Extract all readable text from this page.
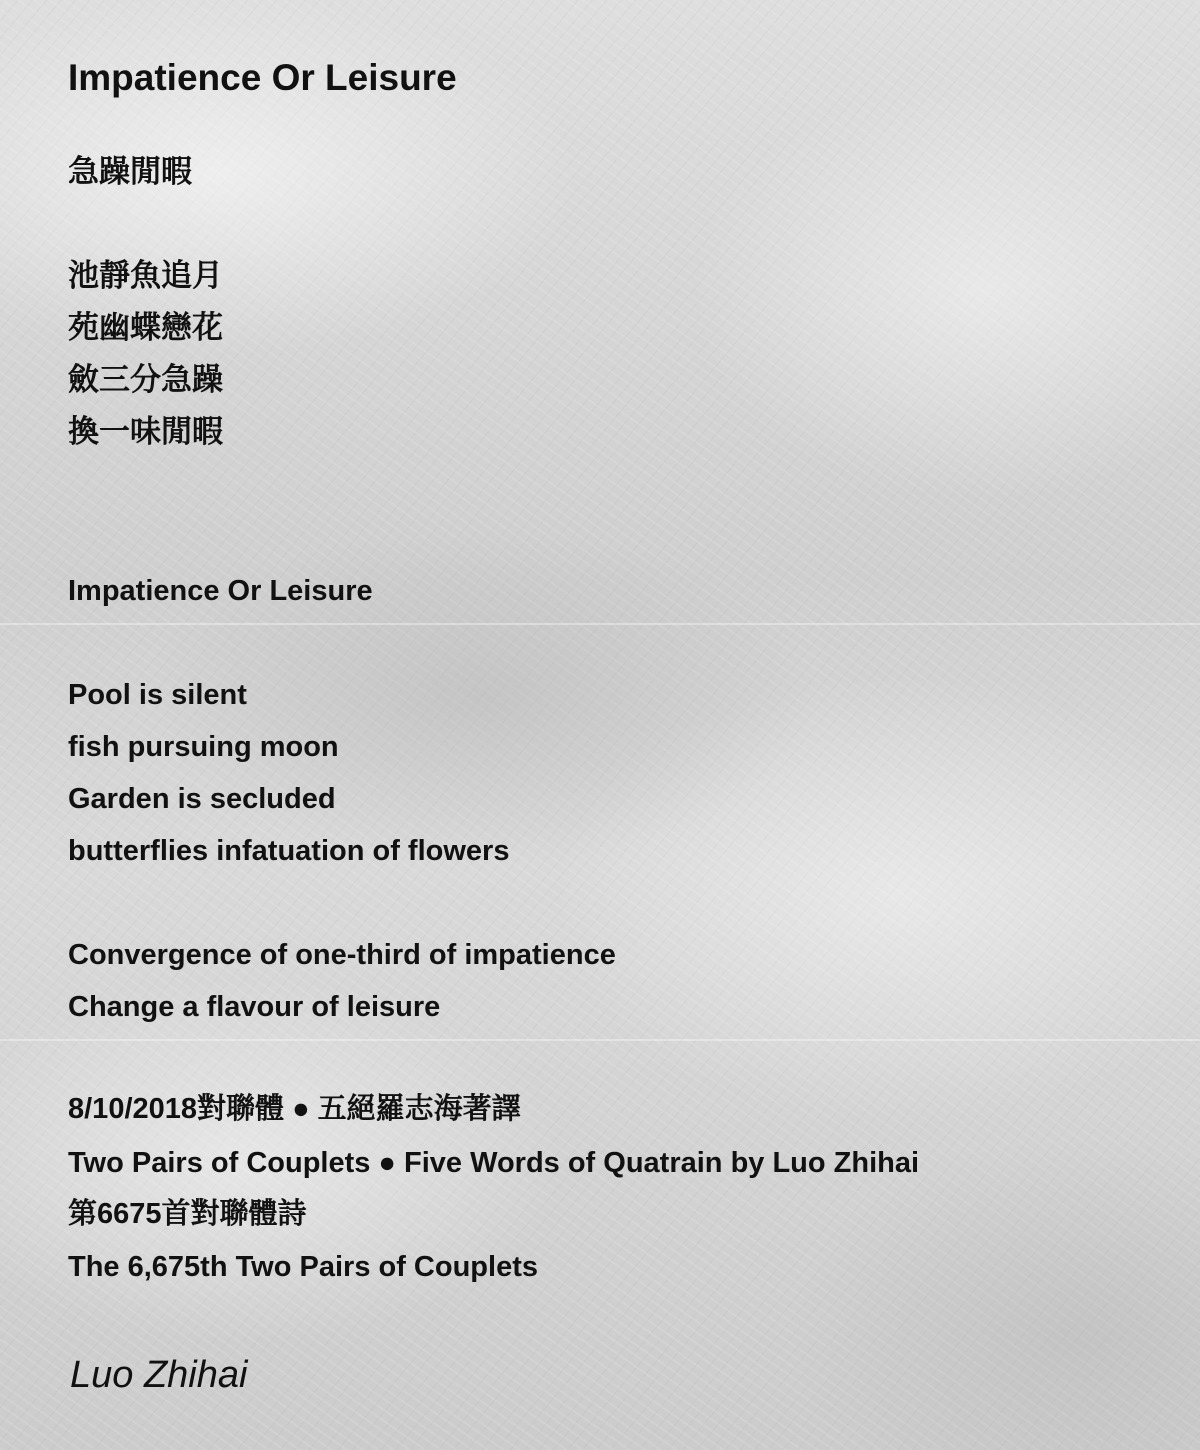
Impatience Or Leisure
急躁閒暇
池靜魚追月
苑幽蝶戀花
斂三分急躁
換一味閒暇
Impatience Or Leisure
Pool is silent
fish pursuing moon
Garden is secluded
butterflies infatuation of flowers
Convergence of one-third of impatience
Change a flavour of leisure
8/10/2018對聯體 ● 五絕羅志海著譯
Two Pairs of Couplets ● Five Words of Quatrain by Luo Zhihai
第6675首對聯體詩
The 6,675th Two Pairs of Couplets
Luo Zhihai
